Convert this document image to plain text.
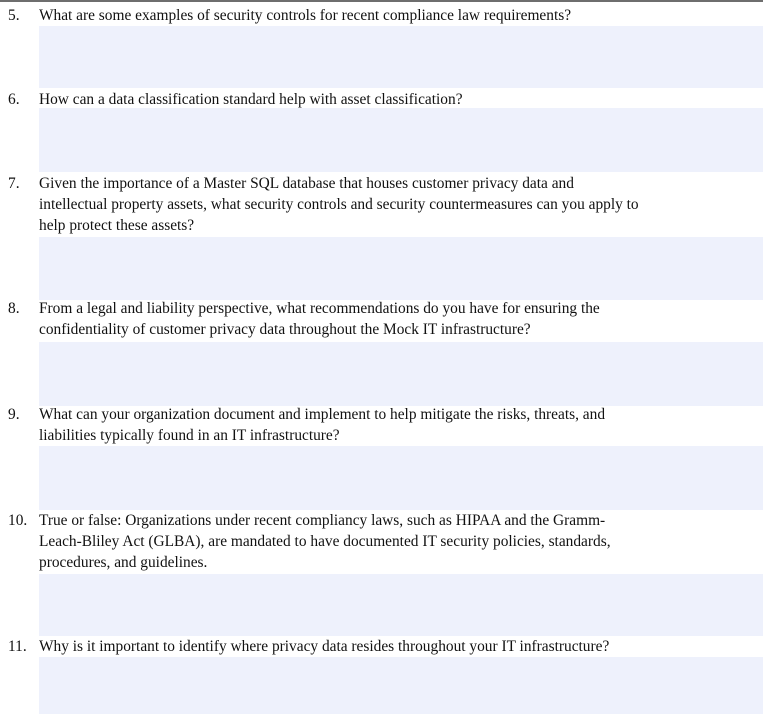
5. What are some examples of security controls for recent compliance law requirements?
6. How can a data classification standard help with asset classification?
7. Given the importance of a Master SQL database that houses customer privacy data and
intellectual property assets, what security controls and security countermeasures can you apply to
help protect these assets?
8. From a legal and liability perspective, what recommendations do you have for ensuring the
confidentiality of customer privacy data throughout the Mock IT infrastructure?
9. What can your organization document and implement to help mitigate the risks, threats, and
liabilities typically found in an IT infrastructure?
10. True or false: Organizations under recent compliancy laws, such as HIPAA and the Gramm-
Leach-Bliley Act (GLBA), are mandated to have documented IT security policies, standards,
procedures, and guidelines.
11. Why is it important to identify where privacy data resides throughout your IT infrastructure?
